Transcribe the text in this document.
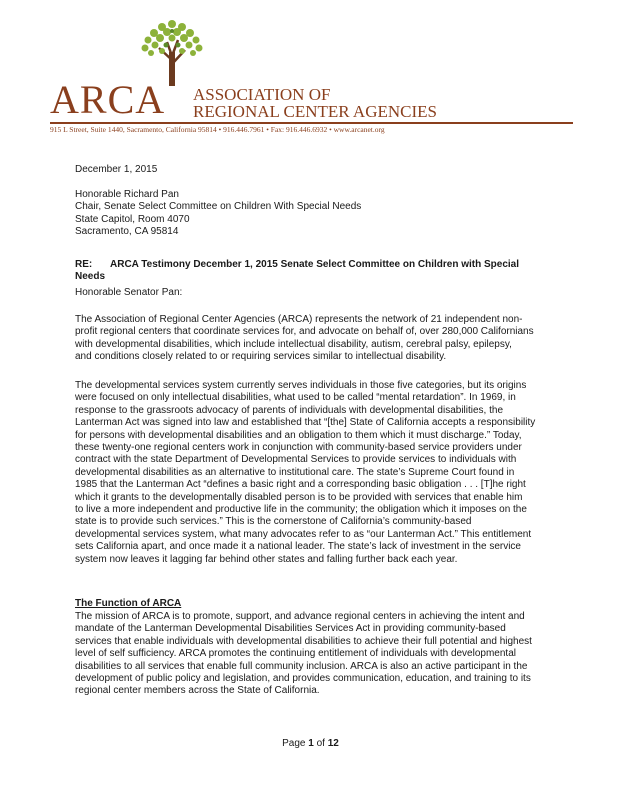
ARCA ASSOCIATION OF
REGIONAL CENTER AGENCIES
915 L Street, Suite 1440, Sacramento, California 95814 • 916.446.7961 • Fax: 916.446.6932 • www.arcanet.org
December 1, 2015
Honorable Richard Pan
Chair, Senate Select Committee on Children With Special Needs
State Capitol, Room 4070
Sacramento, CA 95814
RE: ARCA Testimony December 1, 2015 Senate Select Committee on Children with Special Needs
Honorable Senator Pan:
The Association of Regional Center Agencies (ARCA) represents the network of 21 independent non-
profit regional centers that coordinate services for, and advocate on behalf of, over 280,000 Californians
with developmental disabilities, which include intellectual disability, autism, cerebral palsy, epilepsy,
and conditions closely related to or requiring services similar to intellectual disability.
The developmental services system currently serves individuals in those five categories, but its origins
were focused on only intellectual disabilities, what used to be called “mental retardation”. In 1969, in
response to the grassroots advocacy of parents of individuals with developmental disabilities, the
Lanterman Act was signed into law and established that “[the] State of California accepts a responsibility
for persons with developmental disabilities and an obligation to them which it must discharge.” Today,
these twenty-one regional centers work in conjunction with community-based service providers under
contract with the state Department of Developmental Services to provide services to individuals with
developmental disabilities as an alternative to institutional care. The state’s Supreme Court found in
1985 that the Lanterman Act “defines a basic right and a corresponding basic obligation . . . [T]he right
which it grants to the developmentally disabled person is to be provided with services that enable him
to live a more independent and productive life in the community; the obligation which it imposes on the
state is to provide such services.” This is the cornerstone of California’s community-based
developmental services system, what many advocates refer to as “our Lanterman Act.” This entitlement
sets California apart, and once made it a national leader. The state’s lack of investment in the service
system now leaves it lagging far behind other states and falling further back each year.
The Function of ARCA
The mission of ARCA is to promote, support, and advance regional centers in achieving the intent and
mandate of the Lanterman Developmental Disabilities Services Act in providing community-based
services that enable individuals with developmental disabilities to achieve their full potential and highest
level of self sufficiency. ARCA promotes the continuing entitlement of individuals with developmental
disabilities to all services that enable full community inclusion. ARCA is also an active participant in the
development of public policy and legislation, and provides communication, education, and training to its
regional center members across the State of California.
Page 1 of 12
